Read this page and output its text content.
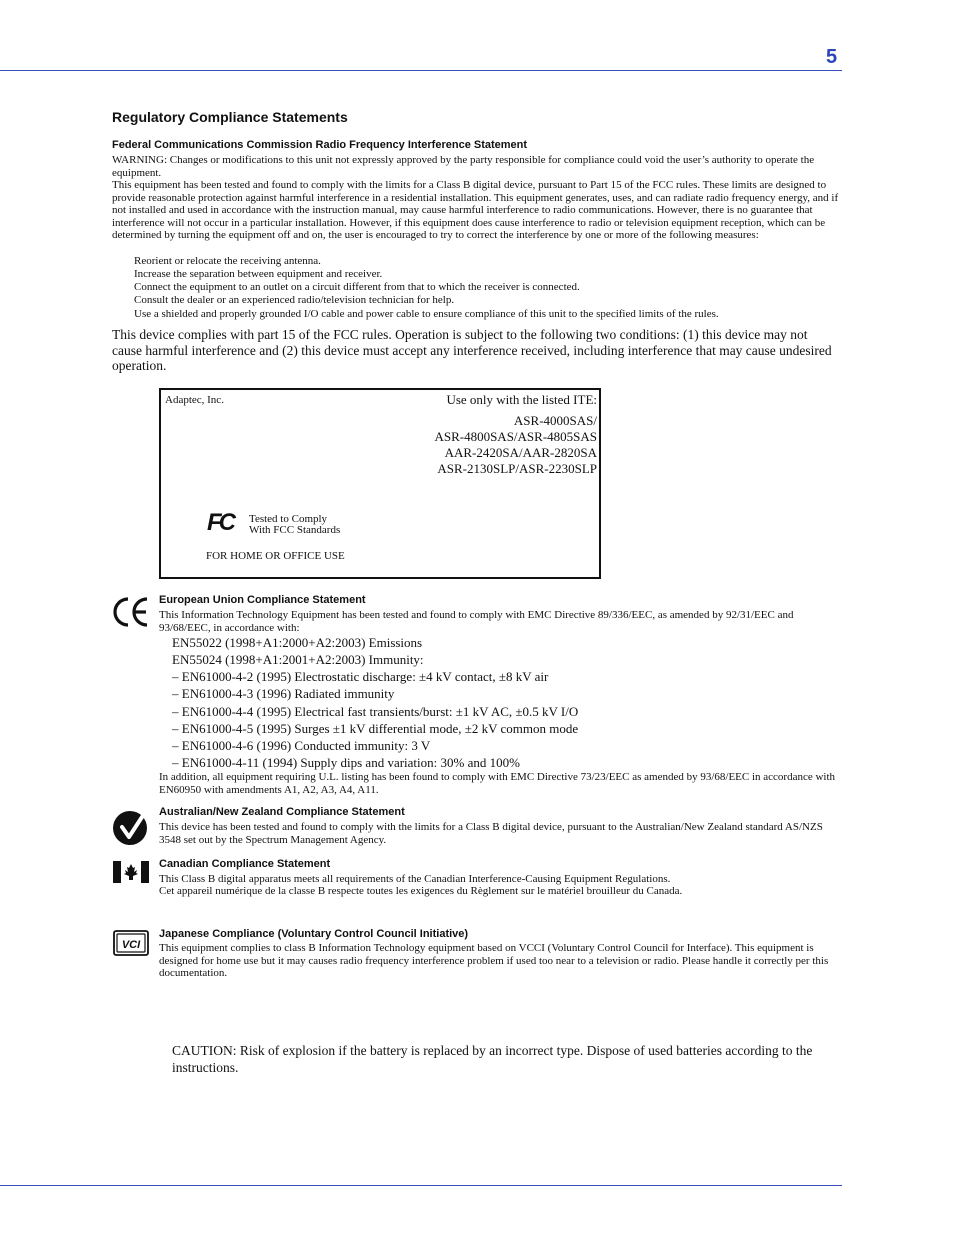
5
Regulatory Compliance Statements
Federal Communications Commission Radio Frequency Interference Statement
WARNING: Changes or modifications to this unit not expressly approved by the party responsible for compliance could void the user’s authority to operate the equipment.
This equipment has been tested and found to comply with the limits for a Class B digital device, pursuant to Part 15 of the FCC rules. These limits are designed to provide reasonable protection against harmful interference in a residential installation. This equipment generates, uses, and can radiate radio frequency energy, and if not installed and used in accordance with the instruction manual, may cause harmful interference to radio communications. However, there is no guarantee that interference will not occur in a particular installation. However, if this equipment does cause interference to radio or television equipment reception, which can be determined by turning the equipment off and on, the user is encouraged to try to correct the interference by one or more of the following measures:
Reorient or relocate the receiving antenna.
Increase the separation between equipment and receiver.
Connect the equipment to an outlet on a circuit different from that to which the receiver is connected.
Consult the dealer or an experienced radio/television technician for help.
Use a shielded and properly grounded I/O cable and power cable to ensure compliance of this unit to the specified limits of the rules.
This device complies with part 15 of the FCC rules. Operation is subject to the following two conditions: (1) this device may not cause harmful interference and (2) this device must accept any interference received, including interference that may cause undesired operation.
Adaptec, Inc.	Use only with the listed ITE:
ASR-4000SAS/
ASR-4800SAS/ASR-4805SAS
AAR-2420SA/AAR-2820SA
ASR-2130SLP/ASR-2230SLP
FC Tested to Comply
With FCC Standards
FOR HOME OR OFFICE USE
European Union Compliance Statement
This Information Technology Equipment has been tested and found to comply with EMC Directive 89/336/EEC, as amended by 92/31/EEC and 93/68/EEC, in accordance with:
EN55022 (1998+A1:2000+A2:2003) Emissions
EN55024 (1998+A1:2001+A2:2003) Immunity:
– EN61000-4-2 (1995) Electrostatic discharge: ±4 kV contact, ±8 kV air
– EN61000-4-3 (1996) Radiated immunity
– EN61000-4-4 (1995) Electrical fast transients/burst: ±1 kV AC, ±0.5 kV I/O
– EN61000-4-5 (1995) Surges ±1 kV differential mode, ±2 kV common mode
– EN61000-4-6 (1996) Conducted immunity: 3 V
– EN61000-4-11 (1994) Supply dips and variation: 30% and 100%
In addition, all equipment requiring U.L. listing has been found to comply with EMC Directive 73/23/EEC as amended by 93/68/EEC in accordance with EN60950 with amendments A1, A2, A3, A4, A11.
Australian/New Zealand Compliance Statement
This device has been tested and found to comply with the limits for a Class B digital device, pursuant to the Australian/New Zealand standard AS/NZS 3548 set out by the Spectrum Management Agency.
Canadian Compliance Statement
This Class B digital apparatus meets all requirements of the Canadian Interference-Causing Equipment Regulations.
Cet appareil numérique de la classe B respecte toutes les exigences du Règlement sur le matériel brouilleur du Canada.
VCI
Japanese Compliance (Voluntary Control Council Initiative)
This equipment complies to class B Information Technology equipment based on VCCI (Voluntary Control Council for Interface). This equipment is designed for home use but it may causes radio frequency interference problem if used too near to a television or radio. Please handle it correctly per this documentation.
CAUTION: Risk of explosion if the battery is replaced by an incorrect type. Dispose of used batteries according to the instructions.
